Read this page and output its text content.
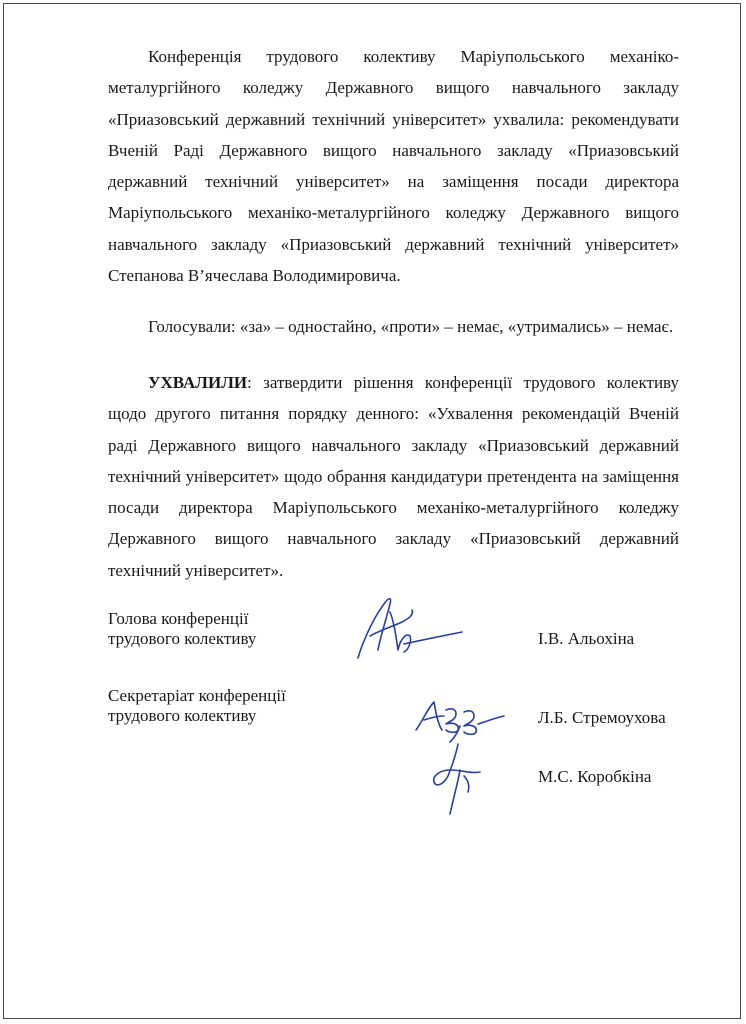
Конференція трудового колективу Маріупольського механіко-металургійного коледжу Державного вищого навчального закладу «Приазовський державний технічний університет» ухвалила: рекомендувати Вченій Раді Державного вищого навчального закладу «Приазовський державний технічний університет» на заміщення посади директора Маріупольського механіко-металургійного коледжу Державного вищого навчального закладу «Приазовський державний технічний університет» Степанова В’ячеслава Володимировича.

Голосували: «за» – одностайно, «проти» – немає, «утримались» – немає.

УХВАЛИЛИ: затвердити рішення конференції трудового колективу щодо другого питання порядку денного: «Ухвалення рекомендацій Вченій раді Державного вищого навчального закладу «Приазовський державний технічний університет» щодо обрання кандидатури претендента на заміщення посади директора Маріупольського механіко-металургійного коледжу Державного вищого навчального закладу «Приазовський державний технічний університет».

Голова конференції
трудового колективу	І.В. Альохіна
Секретаріат конференції
трудового колективу	Л.Б. Стремоухова
М.С. Коробкіна
